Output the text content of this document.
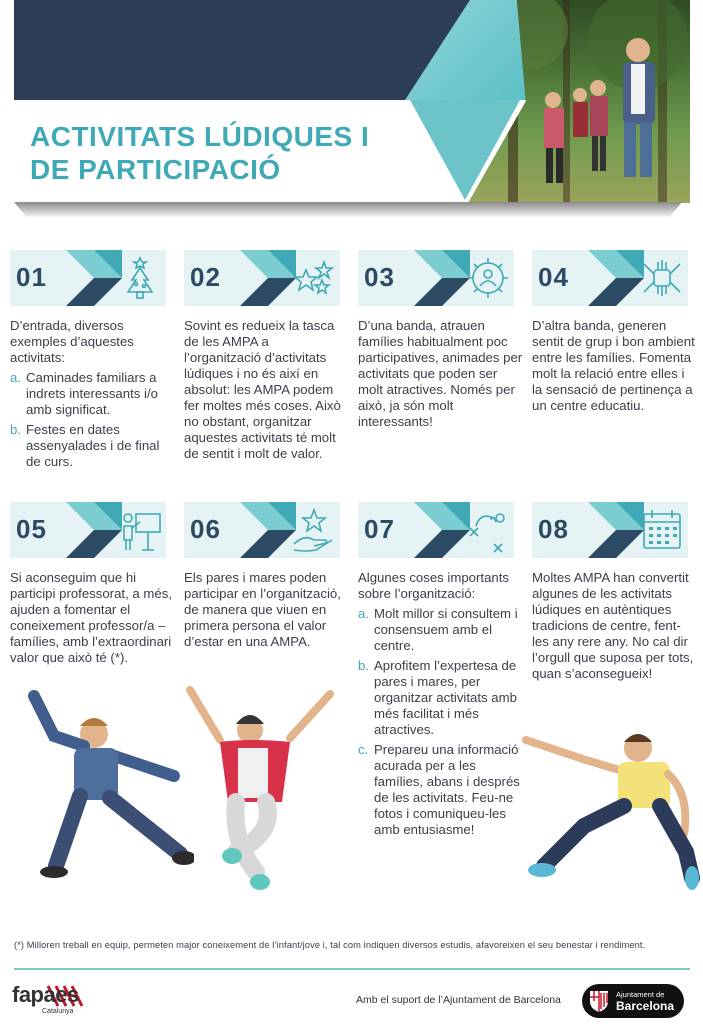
ACTIVITATS LÚDIQUES I
DE PARTICIPACIÓ
01

D’entrada, diversos exemples d’aquestes activitats:

a. Caminades familiars a indrets interessants i/o amb significat.
b. Festes en dates assenyalades i de final de curs.
02
Sovint es redueix la tasca de les AMPA a l’organització d’activitats lúdiques i no és així en absolut: les AMPA podem fer moltes més coses. Això no obstant, organitzar aquestes activitats té molt de sentit i molt de valor.
03
D’una banda, atrauen famílies habitualment poc participatives, animades per activitats que poden ser molt atractives. Només per això, ja són molt interessants!
04
D’altra banda, generen sentit de grup i bon ambient entre les famílies. Fomenta molt la relació entre elles i la sensació de pertinença a un centre educatiu.
05
Si aconseguim que hi participi professorat, a més, ajuden a fomentar el coneixement professor/a – famílies, amb l’extraordinari valor que això té (*).
06
Els pares i mares poden participar en l’organització, de manera que viuen en primera persona el valor d’estar en una AMPA.
07

Algunes coses importants sobre l’organització:

a. Molt millor si consultem i consensuem amb el centre.
b. Aprofitem l’expertesa de pares i mares, per organitzar activitats amb més facilitat i més atractives.
c. Prepareu una informació acurada per a les famílies, abans i després de les activitats. Feu-ne fotos i comuniqueu-les amb entusiasme!
08
Moltes AMPA han convertit algunes de les activitats lúdiques en autèntiques tradicions de centre, fent-les any rere any. No cal dir l’orgull que suposa per tots, quan s’aconsegueix!
(*) Milloren treball en equip, permeten major coneixement de l’infant/jove i, tal com indiquen diversos estudis, afavoreixen el seu benestar i rendiment.
fapaes
Catalunya
Amb el suport de l’Ajuntament de Barcelona	Ajuntament de
Barcelona
